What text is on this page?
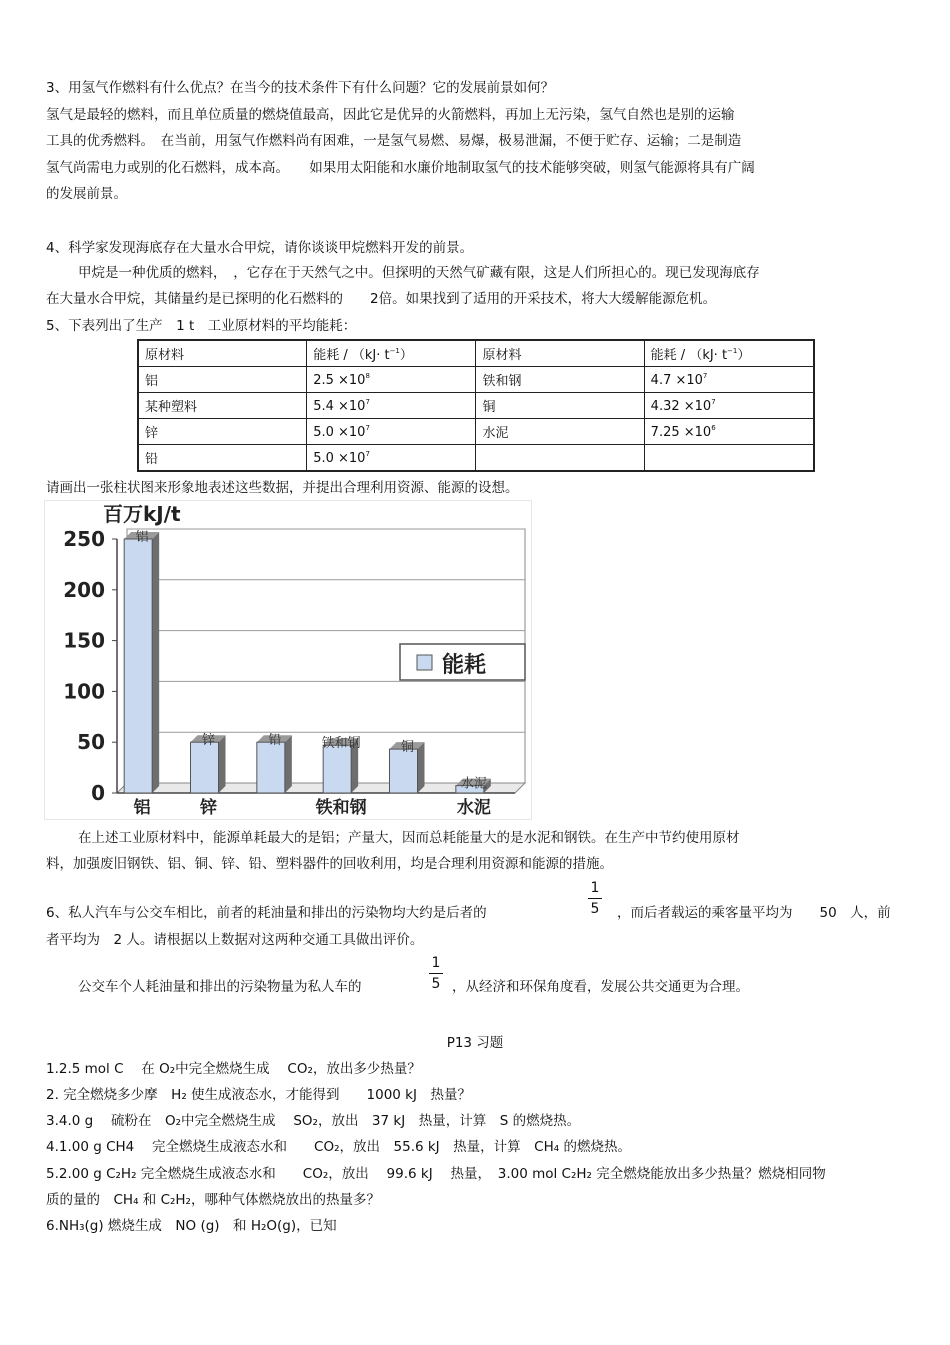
3、用氢气作燃料有什么优点？在当今的技术条件下有什么问题？它的发展前景如何？
氢气是最轻的燃料，而且单位质量的燃烧值最高，因此它是优异的火箭燃料，再加上无污染，氢气自然也是别的运输
工具的优秀燃料。　在当前，用氢气作燃料尚有困难，一是氢气易燃、易爆，极易泄漏，不便于贮存、运输；二是制造
氢气尚需电力或别的化石燃料，成本高。　　如果用太阳能和水廉价地制取氢气的技术能够突破，则氢气能源将具有广阔
的发展前景。
4、科学家发现海底存在大量水合甲烷，请你谈谈甲烷燃料开发的前景。
甲烷是一种优质的燃料，　，它存在于天然气之中。但探明的天然气矿藏有限，这是人们所担心的。现已发现海底存
在大量水合甲烷，其储量约是已探明的化石燃料的　　2倍。如果找到了适用的开采技术，将大大缓解能源危机。
5、下表列出了生产　1 t　工业原材料的平均能耗：
原材料	能耗 / $(kJ\cdot t^{-1})$	原材料	能耗 / $(kJ\cdot t^{-1})$
铝	$2.5 \times 10^8$	铁和钢	$4.7 \times 10^7$
某种塑料	$5.4 \times 10^7$	铜	$4.32 \times 10^7$
锌	$5.0 \times 10^7$	水泥	$7.25 \times 10^6$
铅	$5.0 \times 10^7$		
请画出一张柱状图来形象地表述这些数据，并提出合理利用资源、能源的设想。
250
200
150
100
50
0
百万kJ/t
铝
铝
锌
锌
铅	铁和钢
铁和钢
铜
水泥
水泥
能耗
在上述工业原材料中，能源单耗最大的是铝；产量大，因而总耗能量大的是水泥和钢铁。在生产中节约使用原材
料，加强废旧钢铁、铝、铜、锌、铅、塑料器件的回收利用，均是合理利用资源和能源的措施。
6、私人汽车与公交车相比，前者的耗油量和排出的污染物均大约是后者的
1
5 ，而后者载运的乘客量平均为　　50　人，前
者平均为　2 人。请根据以上数据对这两种交通工具做出评价。
公交车个人耗油量和排出的污染物量为私人车的
1
5 ，从经济和环保角度看，发展公共交通更为合理。
P13 习题
1.2.5 mol C　 在 O₂中完全燃烧生成　 CO₂，放出多少热量？
2. 完全燃烧多少摩　H₂ 使生成液态水，才能得到　　1000 kJ　热量？
3.4.0 g　 硫粉在　O₂中完全燃烧生成　 SO₂，放出　37 kJ　热量，计算　S 的燃烧热。
4.1.00 g CH4　 完全燃烧生成液态水和　　CO₂，放出　55.6 kJ　热量，计算　CH₄ 的燃烧热。
5.2.00 g C₂H₂ 完全燃烧生成液态水和　　CO₂，放出　 99.6 kJ　 热量，　3.00 mol C₂H₂ 完全燃烧能放出多少热量？燃烧相同物
质的量的　CH₄ 和 C₂H₂，哪种气体燃烧放出的热量多？
6.NH₃(g) 燃烧生成　NO (g)　和 H₂O(g)，已知
